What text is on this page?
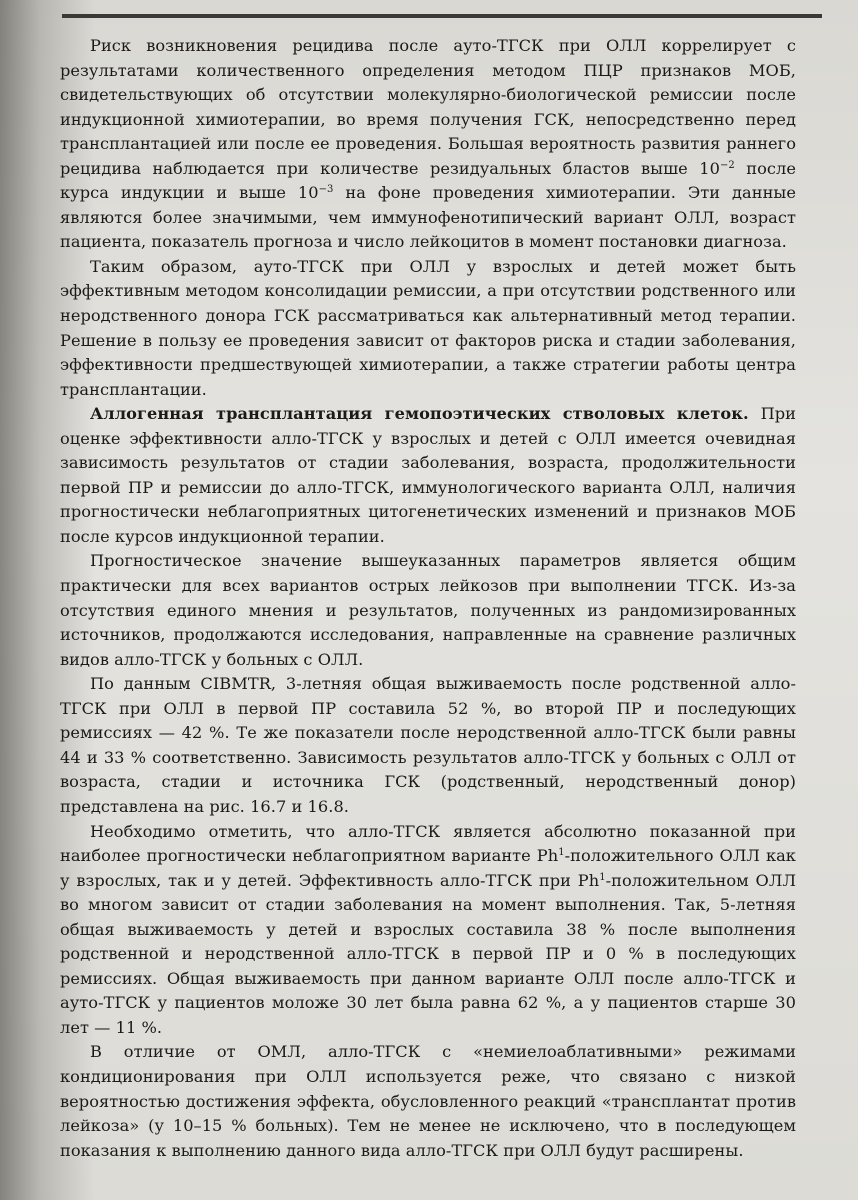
Риск возникновения рецидива после ауто-ТГСК при ОЛЛ коррелирует с результатами количественного определения методом ПЦР признаков МОБ, свидетельствующих об отсутствии молекулярно-биологической ремиссии после индукционной химиотерапии, во время получения ГСК, непосредственно перед трансплантацией или после ее проведения. Большая вероятность развития раннего рецидива наблюдается при количестве резидуальных бластов выше $10^{-2}$ после курса индукции и выше $10^{-3}$ на фоне проведения химиотерапии. Эти данные являются более значимыми, чем иммунофенотипический вариант ОЛЛ, возраст пациента, показатель прогноза и число лейкоцитов в момент постановки диагноза.

Таким образом, ауто-ТГСК при ОЛЛ у взрослых и детей может быть эффективным методом консолидации ремиссии, а при отсутствии родственного или неродственного донора ГСК рассматриваться как альтернативный метод терапии. Решение в пользу ее проведения зависит от факторов риска и стадии заболевания, эффективности предшествующей химиотерапии, а также стратегии работы центра трансплантации.

Аллогенная трансплантация гемопоэтических стволовых клеток. При оценке эффективности алло-ТГСК у взрослых и детей с ОЛЛ имеется очевидная зависимость результатов от стадии заболевания, возраста, продолжительности первой ПР и ремиссии до алло-ТГСК, иммунологического варианта ОЛЛ, наличия прогностически неблагоприятных цитогенетических изменений и признаков МОБ после курсов индукционной терапии.

Прогностическое значение вышеуказанных параметров является общим практически для всех вариантов острых лейкозов при выполнении ТГСК. Из-за отсутствия единого мнения и результатов, полученных из рандомизированных источников, продолжаются исследования, направленные на сравнение различных видов алло-ТГСК у больных с ОЛЛ.

По данным CIBMTR, 3-летняя общая выживаемость после родственной алло-ТГСК при ОЛЛ в первой ПР составила 52 %, во второй ПР и последующих ремиссиях — 42 %. Те же показатели после неродственной алло-ТГСК были равны 44 и 33 % соответственно. Зависимость результатов алло-ТГСК у больных с ОЛЛ от возраста, стадии и источника ГСК (родственный, неродственный донор) представлена на рис. 16.7 и 16.8.

Необходимо отметить, что алло-ТГСК является абсолютно показанной при наиболее прогностически неблагоприятном варианте Ph$^1$-положительного ОЛЛ как у взрослых, так и у детей. Эффективность алло-ТГСК при Ph$^1$-положительном ОЛЛ во многом зависит от стадии заболевания на момент выполнения. Так, 5-летняя общая выживаемость у детей и взрослых составила 38 % после выполнения родственной и неродственной алло-ТГСК в первой ПР и 0 % в последующих ремиссиях. Общая выживаемость при данном варианте ОЛЛ после алло-ТГСК и ауто-ТГСК у пациентов моложе 30 лет была равна 62 %, а у пациентов старше 30 лет — 11 %.

В отличие от ОМЛ, алло-ТГСК с «немиелоаблативными» режимами кондиционирования при ОЛЛ используется реже, что связано с низкой вероятностью достижения эффекта, обусловленного реакций «трансплантат против лейкоза» (у 10–15 % больных). Тем не менее не исключено, что в последующем показания к выполнению данного вида алло-ТГСК при ОЛЛ будут расширены.
